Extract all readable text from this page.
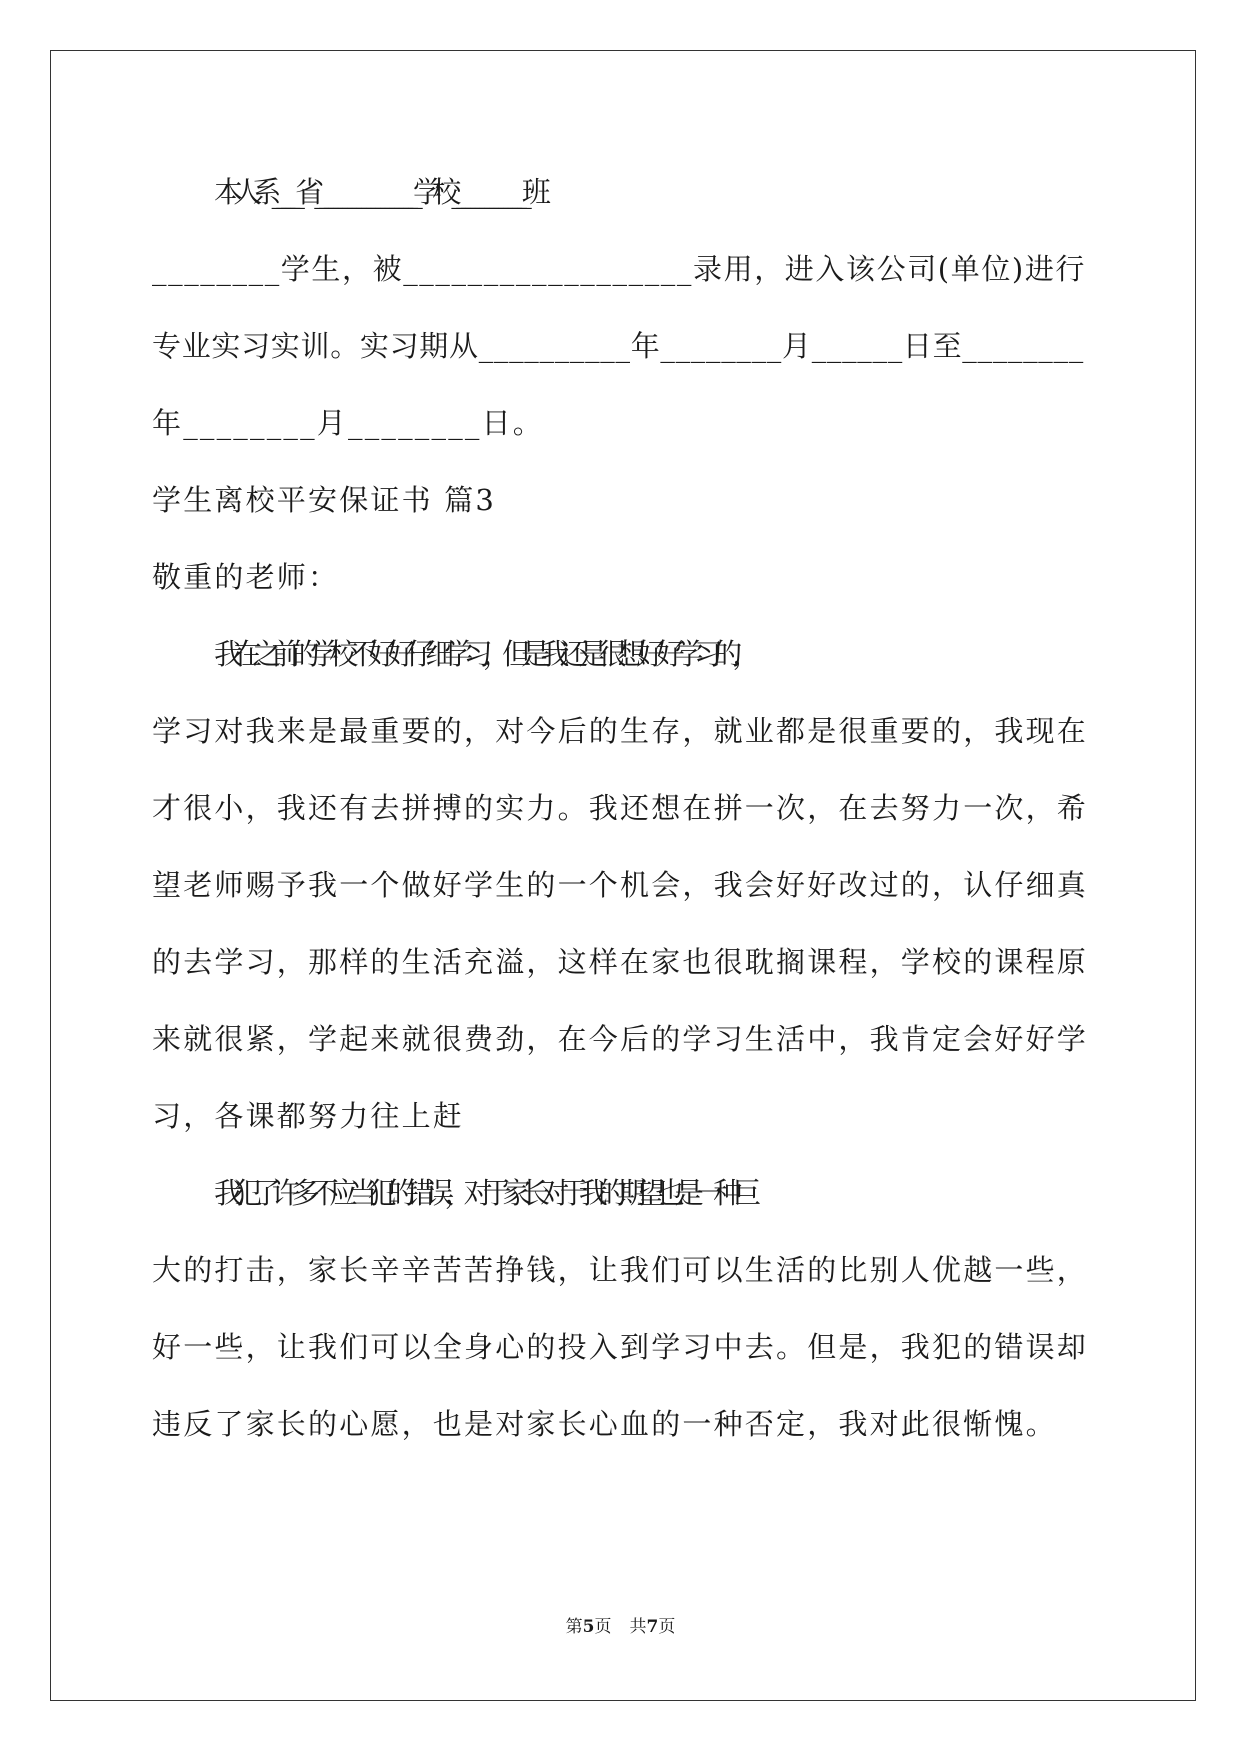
本人系_____省_____________________学校_______________班
________学生，被__________________录用，进入该公司(单位)进行
专业实习实训。实习期从__________年________月______日至________
年________月________日。
学生离校平安保证书 篇3
敬重的老师：
我在之前的学校不好好仔细学习，但是我还是很想好好学习的，
学习对我来是最重要的，对今后的生存，就业都是很重要的，我现在
才很小，我还有去拼搏的实力。我还想在拼一次，在去努力一次，希
望老师赐予我一个做好学生的一个机会，我会好好改过的，认仔细真
的去学习，那样的生活充溢，这样在家也很耽搁课程，学校的课程原
来就很紧，学起来就很费劲，在今后的学习生活中，我肯定会好好学
习，各课都努力往上赶
我犯了许多不应当犯的错误，对于家长对于我的期望也是一种巨
大的打击，家长辛辛苦苦挣钱，让我们可以生活的比别人优越一些，
好一些，让我们可以全身心的投入到学习中去。但是，我犯的错误却
违反了家长的心愿，也是对家长心血的一种否定，我对此很惭愧。
第5页 共7页
